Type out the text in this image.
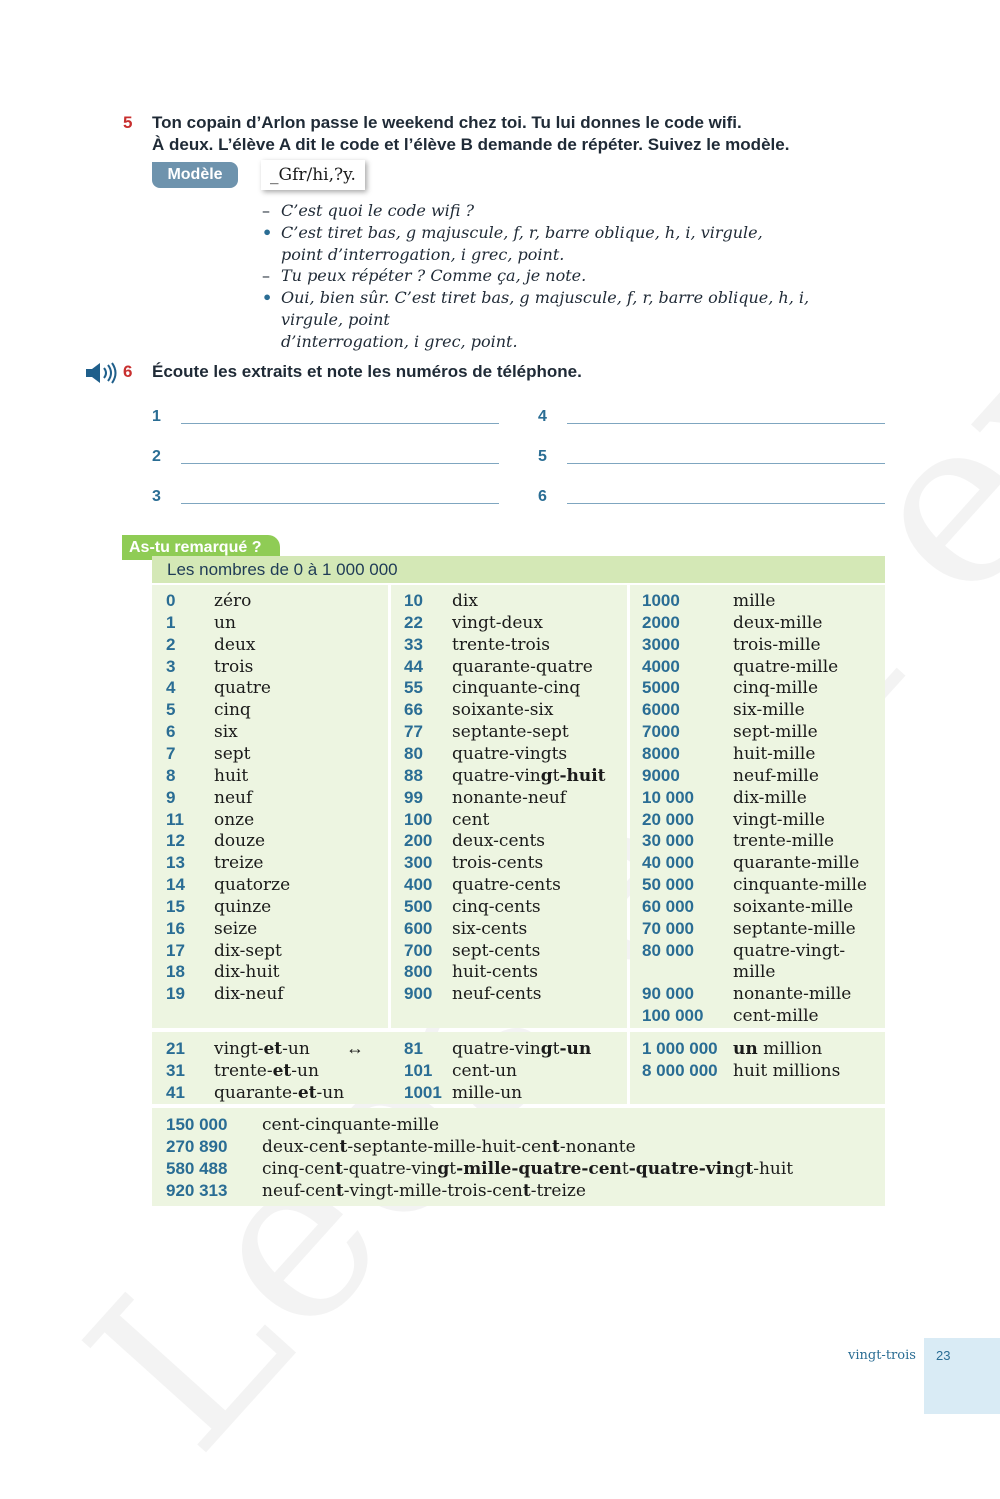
5 Ton copain d’Arlon passe le weekend chez toi. Tu lui donnes le code wifi.
À deux. L’élève A dit le code et l’élève B demande de répéter. Suivez le modèle.
Modèle	_Gfr/hi,?y.
– C’est quoi le code wifi ?
• C’est tiret bas, g majuscule, f, r, barre oblique, h, i, virgule,
point d’interrogation, i grec, point.
– Tu peux répéter ? Comme ça, je note.
• Oui, bien sûr. C’est tiret bas, g majuscule, f, r, barre oblique, h, i, virgule, point
d’interrogation, i grec, point.
6 Écoute les extraits et note les numéros de téléphone.
1
2
3
4
5
6
As-tu remarqué ?
Les nombres de 0 à 1 000 000
0 zéro
1 un
2 deux
3 trois
4 quatre
5 cinq
6 six
7 sept
8 huit
9 neuf
11 onze
12 douze
13 treize
14 quatorze
15 quinze
16 seize
17 dix-sept
18 dix-huit
19 dix-neuf
10 dix
22 vingt-deux
33 trente-trois
44 quarante-quatre
55 cinquante-cinq
66 soixante-six
77 septante-sept
80 quatre-vingts
88 quatre-vingt-huit
99 nonante-neuf
100 cent
200 deux-cents
300 trois-cents
400 quatre-cents
500 cinq-cents
600 six-cents
700 sept-cents
800 huit-cents
900 neuf-cents
1000	mille
2000	deux-mille
3000	trois-mille
4000	quatre-mille
5000	cinq-mille
6000	six-mille
7000	sept-mille
8000	huit-mille
9000	neuf-mille
10 000 dix-mille
20 000 vingt-mille
30 000 trente-mille
40 000 quarante-mille
50 000 cinquante-mille
60 000 soixante-mille
70 000 septante-mille
80 000 quatre-vingt-
mille
90 000 nonante-mille
100 000 cent-mille
21 vingt-et-un
31 trente-et-un
41 quarante-et-un
↔ 81 quatre-vingt-un
101 cent-un
1001 mille-un
1 000 000 un million
8 000 000 huit millions
150 000 cent-cinquante-mille
270 890 deux-cent-septante-mille-huit-cent-nonante
580 488 cinq-cent-quatre-vingt-mille-quatre-cent-quatre-vingt-huit
920 313 neuf-cent-vingt-mille-trois-cent-treize
vingt-trois 23
